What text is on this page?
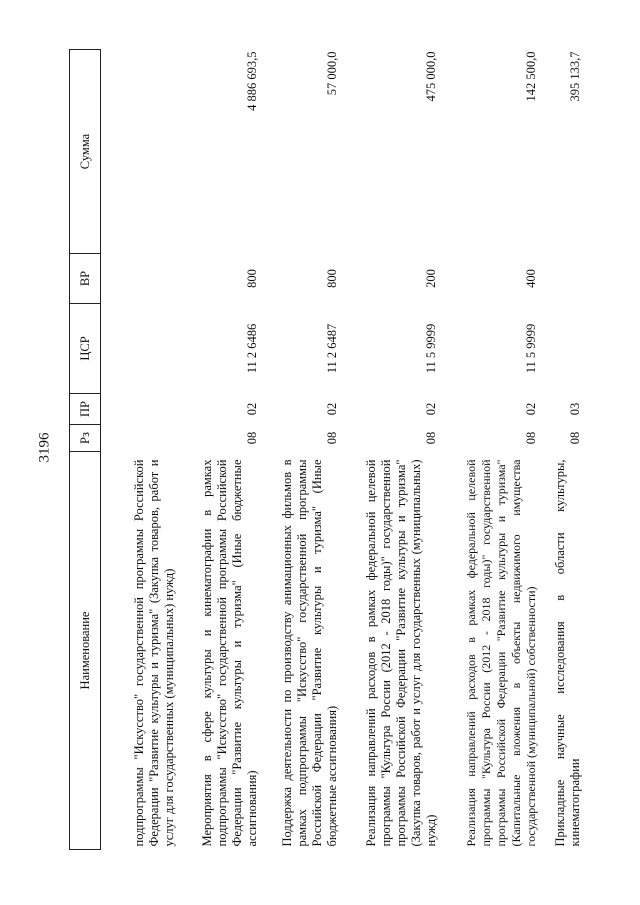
3196
Наименование	Рз	ПР	ЦСР	ВР	Сумма
подпрограммы "Искусство" государственной программы Российской Федерации "Развитие культуры и туризма" (Закупка товаров, работ и услуг для государственных (муниципальных) нужд)					
Мероприятия в сфере культуры и кинематографии в рамках подпрограммы "Искусство" государственной программы Российской Федерации "Развитие культуры и туризма" (Иные бюджетные ассигнования)	08	02	11 2 6486	800	4 886 693,5
Поддержка деятельности по производству анимационных фильмов в рамках подпрограммы "Искусство" государственной программы Российской Федерации "Развитие культуры и туризма" (Иные бюджетные ассигнования)	08	02	11 2 6487	800	57 000,0
Реализация направлений расходов в рамках федеральной целевой программы "Культура России (2012 - 2018 годы)" государственной программы Российской Федерации "Развитие культуры и туризма" (Закупка товаров, работ и услуг для государственных (муниципальных) нужд)	08	02	11 5 9999	200	475 000,0
Реализация направлений расходов в рамках федеральной целевой программы "Культура России (2012 - 2018 годы)" государственной программы Российской Федерации "Развитие культуры и туризма" (Капитальные вложения в объекты недвижимого имущества государственной (муниципальной) собственности)	08	02	11 5 9999	400	142 500,0
Прикладные научные исследования в области культуры, кинематографии	08	03			395 133,7
